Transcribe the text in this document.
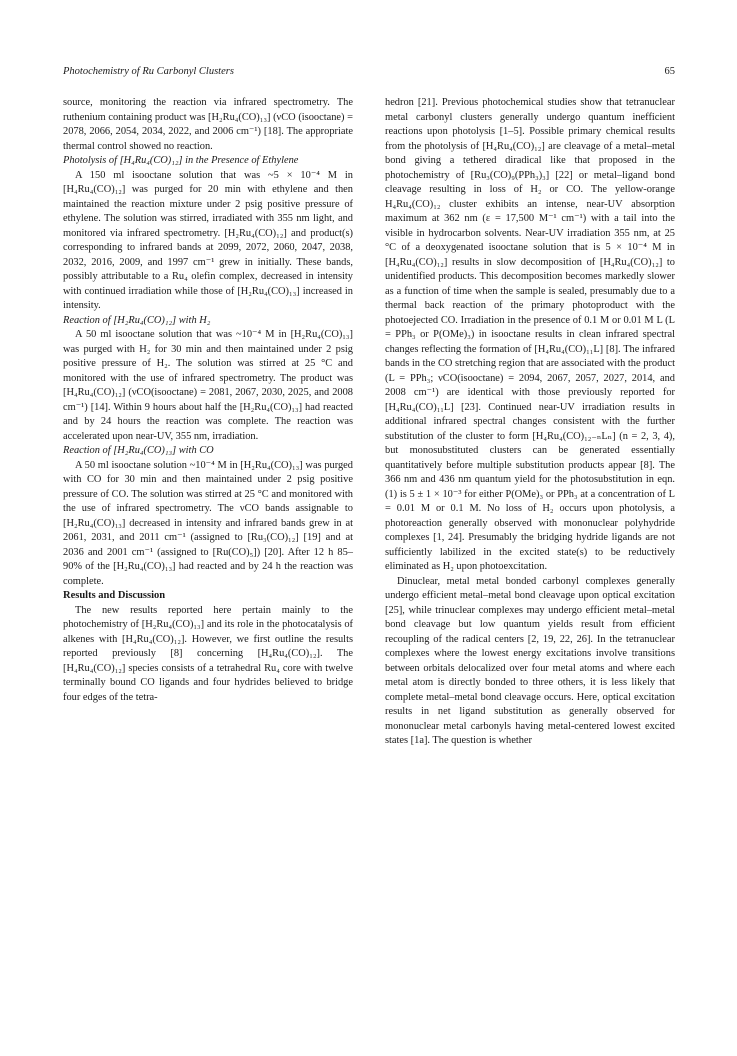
Photochemistry of Ru Carbonyl Clusters	65

source, monitoring the reaction via infrared spectrometry. The ruthenium containing product was [H₂Ru₄(CO)₁₃] (νCO (isooctane) = 2078, 2066, 2054, 2034, 2022, and 2006 cm⁻¹) [18]. The appropriate thermal control showed no reaction.

Photolysis of [H₄Ru₄(CO)₁₂] in the Presence of Ethylene

A 150 ml isooctane solution that was ~5 × 10⁻⁴ M in [H₄Ru₄(CO)₁₂] was purged for 20 min with ethylene and then maintained the reaction mixture under 2 psig positive pressure of ethylene. The solution was stirred, irradiated with 355 nm light, and monitored via infrared spectrometry. [H₂Ru₄(CO)₁₂] and product(s) corresponding to infrared bands at 2099, 2072, 2060, 2047, 2038, 2032, 2016, 2009, and 1997 cm⁻¹ grew in initially. These bands, possibly attributable to a Ru₄ olefin complex, decreased in intensity with continued irradiation while those of [H₂Ru₄(CO)₁₃] increased in intensity.

Reaction of [H₂Ru₄(CO)₁₂] with H₂

A 50 ml isooctane solution that was ~10⁻⁴ M in [H₂Ru₄(CO)₁₃] was purged with H₂ for 30 min and then maintained under 2 psig positive pressure of H₂. The solution was stirred at 25 °C and monitored with the use of infrared spectrometry. The product was [H₄Ru₄(CO)₁₂] (νCO(isooctane) = 2081, 2067, 2030, 2025, and 2008 cm⁻¹) [14]. Within 9 hours about half the [H₂Ru₄(CO)₁₃] had reacted and by 24 hours the reaction was complete. The reaction was accelerated upon near-UV, 355 nm, irradiation.

Reaction of [H₂Ru₄(CO)₁₃] with CO

A 50 ml isooctane solution ~10⁻⁴ M in [H₂Ru₄(CO)₁₃] was purged with CO for 30 min and then maintained under 2 psig positive pressure of CO. The solution was stirred at 25 °C and monitored with the use of infrared spectrometry. The νCO bands assignable to [H₂Ru₄(CO)₁₃] decreased in intensity and infrared bands grew in at 2061, 2031, and 2011 cm⁻¹ (assigned to [Ru₃(CO)₁₂] [19] and at 2036 and 2001 cm⁻¹ (assigned to [Ru(CO)₅]) [20]. After 12 h 85–90% of the [H₂Ru₄(CO)₁₃] had reacted and by 24 h the reaction was complete.

Results and Discussion

The new results reported here pertain mainly to the photochemistry of [H₂Ru₄(CO)₁₃] and its role in the photocatalysis of alkenes with [H₄Ru₄(CO)₁₂]. However, we first outline the results reported previously [8] concerning [H₄Ru₄(CO)₁₂]. The [H₄Ru₄(CO)₁₂] species consists of a tetrahedral Ru₄ core with twelve terminally bound CO ligands and four hydrides believed to bridge four edges of the tetra-

hedron [21]. Previous photochemical studies show that tetranuclear metal carbonyl clusters generally undergo quantum inefficient reactions upon photolysis [1–5]. Possible primary chemical results from the photolysis of [H₄Ru₄(CO)₁₂] are cleavage of a metal–metal bond giving a tethered diradical like that proposed in the photochemistry of [Ru₃(CO)₉(PPh₃)₃] [22] or metal–ligand bond cleavage resulting in loss of H₂ or CO. The yellow-orange H₄Ru₄(CO)₁₂ cluster exhibits an intense, near-UV absorption maximum at 362 nm (ε = 17,500 M⁻¹ cm⁻¹) with a tail into the visible in hydrocarbon solvents. Near-UV irradiation 355 nm, at 25 °C of a deoxygenated isooctane solution that is 5 × 10⁻⁴ M in [H₄Ru₄(CO)₁₂] results in slow decomposition of [H₄Ru₄(CO)₁₂] to unidentified products. This decomposition becomes markedly slower as a function of time when the sample is sealed, presumably due to a thermal back reaction of the primary photoproduct with the photoejected CO. Irradiation in the presence of 0.1 M or 0.01 M L (L = PPh₃ or P(OMe)₃) in isooctane results in clean infrared spectral changes reflecting the formation of [H₄Ru₄(CO)₁₁L] [8]. The infrared bands in the CO stretching region that are associated with the product (L = PPh₃; νCO(isooctane) = 2094, 2067, 2057, 2027, 2014, and 2008 cm⁻¹) are identical with those previously reported for [H₄Ru₄(CO)₁₁L] [23]. Continued near-UV irradiation results in additional infrared spectral changes consistent with the further substitution of the cluster to form [H₄Ru₄(CO)₁₂₋ₙLₙ] (n = 2, 3, 4), but monosubstituted clusters can be generated essentially quantitatively before multiple substitution products appear [8]. The 366 nm and 436 nm quantum yield for the photosubstitution in eqn. (1) is 5 ± 1 × 10⁻³ for either P(OMe)₃ or PPh₃ at a concentration of L = 0.01 M or 0.1 M. No loss of H₂ occurs upon photolysis, a photoreaction generally observed with mononuclear polyhydride complexes [1, 24]. Presumably the bridging hydride ligands are not sufficiently labilized in the excited state(s) to be reductively eliminated as H₂ upon photoexcitation.

Dinuclear, metal metal bonded carbonyl complexes generally undergo efficient metal–metal bond cleavage upon optical excitation [25], while trinuclear complexes may undergo efficient metal–metal bond cleavage but low quantum yields result from efficient recoupling of the radical centers [2, 19, 22, 26]. In the tetranuclear complexes where the lowest energy excitations involve transitions between orbitals delocalized over four metal atoms and where each metal atom is directly bonded to three others, it is less likely that complete metal–metal bond cleavage occurs. Here, optical excitation results in net ligand substitution as generally observed for mononuclear metal carbonyls having metal-centered lowest excited states [1a]. The question is whether
